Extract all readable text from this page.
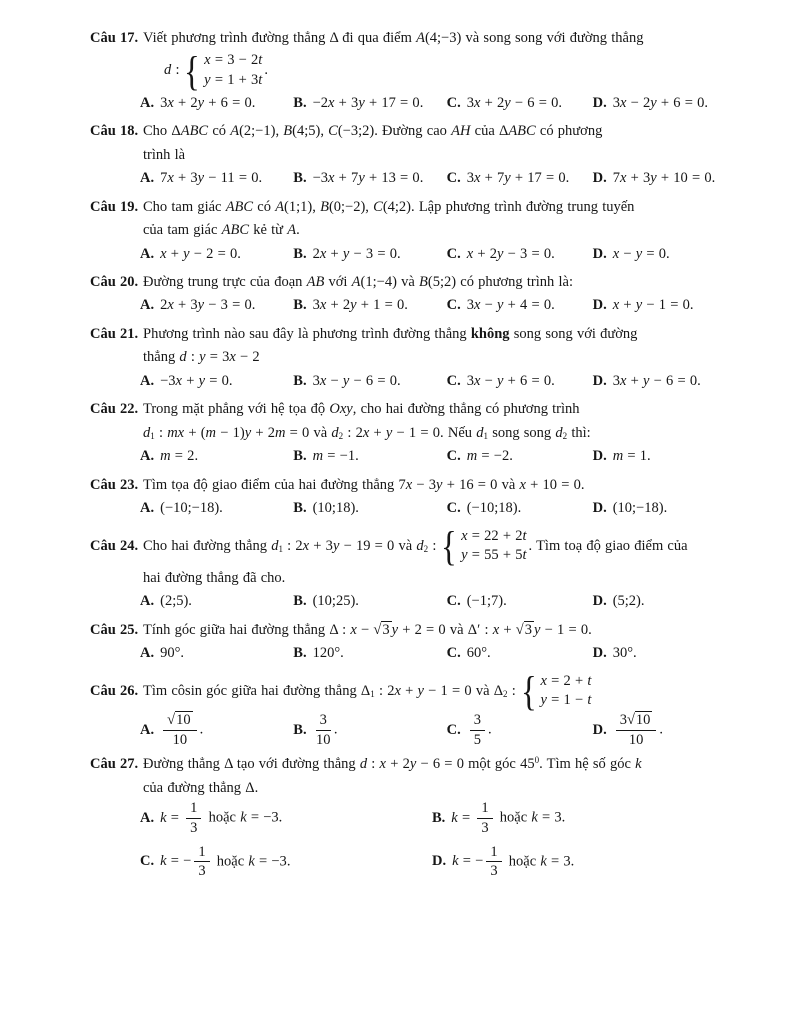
Câu 17. Viết phương trình đường thẳng Δ đi qua điểm A(4;−3) và song song với đường thẳng
d : { x = 3 − 2t
y = 1 + 3t
.
A. 3x + 2y + 6 = 0.	B. −2x + 3y + 17 = 0.	C. 3x + 2y − 6 = 0.	D. 3x − 2y + 6 = 0.
Câu 18. Cho ΔABC có A(2;−1), B(4;5), C(−3;2). Đường cao AH của ΔABC có phương
trình là
A. 7x + 3y − 11 = 0.	B. −3x + 7y + 13 = 0.	C. 3x + 7y + 17 = 0.	D. 7x + 3y + 10 = 0.
Câu 19. Cho tam giác ABC có A(1;1), B(0;−2), C(4;2). Lập phương trình đường trung tuyến
của tam giác ABC kẻ từ A.
A. x + y − 2 = 0.	B. 2x + y − 3 = 0.	C. x + 2y − 3 = 0.	D. x − y = 0.
Câu 20. Đường trung trực của đoạn AB với A(1;−4) và B(5;2) có phương trình là:
A. 2x + 3y − 3 = 0.	B. 3x + 2y + 1 = 0.	C. 3x − y + 4 = 0.	D. x + y − 1 = 0.
Câu 21. Phương trình nào sau đây là phương trình đường thẳng không song song với đường
thẳng d : y = 3x − 2
A. −3x + y = 0.	B. 3x − y − 6 = 0.	C. 3x − y + 6 = 0.	D. 3x + y − 6 = 0.
Câu 22. Trong mặt phẳng với hệ tọa độ Oxy, cho hai đường thẳng có phương trình
$d_1$ : mx + (m − 1)y + 2m = 0 và $d_2$ : 2x + y − 1 = 0. Nếu $d_1$ song song $d_2$ thì:
A. m = 2.	B. m = −1.	C. m = −2.	D. m = 1.
Câu 23. Tìm tọa độ giao điểm của hai đường thẳng 7x − 3y + 16 = 0 và x + 10 = 0.
A. (−10;−18).	B. (10;18).	C. (−10;18).	D. (10;−18).
Câu 24. Cho hai đường thẳng $d_1$ : 2x + 3y − 19 = 0 và $d_2$ : { x = 22 + 2t
y = 55 + 5t
. Tìm toạ độ giao điểm của
hai đường thẳng đã cho.
A. (2;5).	B. (10;25).	C. (−1;7).	D. (5;2).
Câu 25. Tính góc giữa hai đường thẳng Δ : x − √3 y + 2 = 0 và Δ′ : x + √3 y − 1 = 0.
A. 90°.	B. 120°.	C. 60°.	D. 30°.
Câu 26. Tìm côsin góc giữa hai đường thẳng $\Delta_1$ : 2x + y − 1 = 0 và $\Delta_2$ : { x = 2 + t
y = 1 − t
A. $\frac{√10}{10}$ .	B. $\frac{3}{10}$ .	C. $\frac{3}{5}$ .	D. $\frac{3√10}{10}$ .
Câu 27. Đường thẳng Δ tạo với đường thẳng d : x + 2y − 6 = 0 một góc $45^0$. Tìm hệ số góc k
của đường thẳng Δ.
A. $k = \frac{1}{3}$ hoặc k = −3.	B. $k = \frac{1}{3}$ hoặc k = 3.
C. k = − $\frac{1}{3}$ hoặc k = −3.	D. k = − $\frac{1}{3}$ hoặc k = 3.
